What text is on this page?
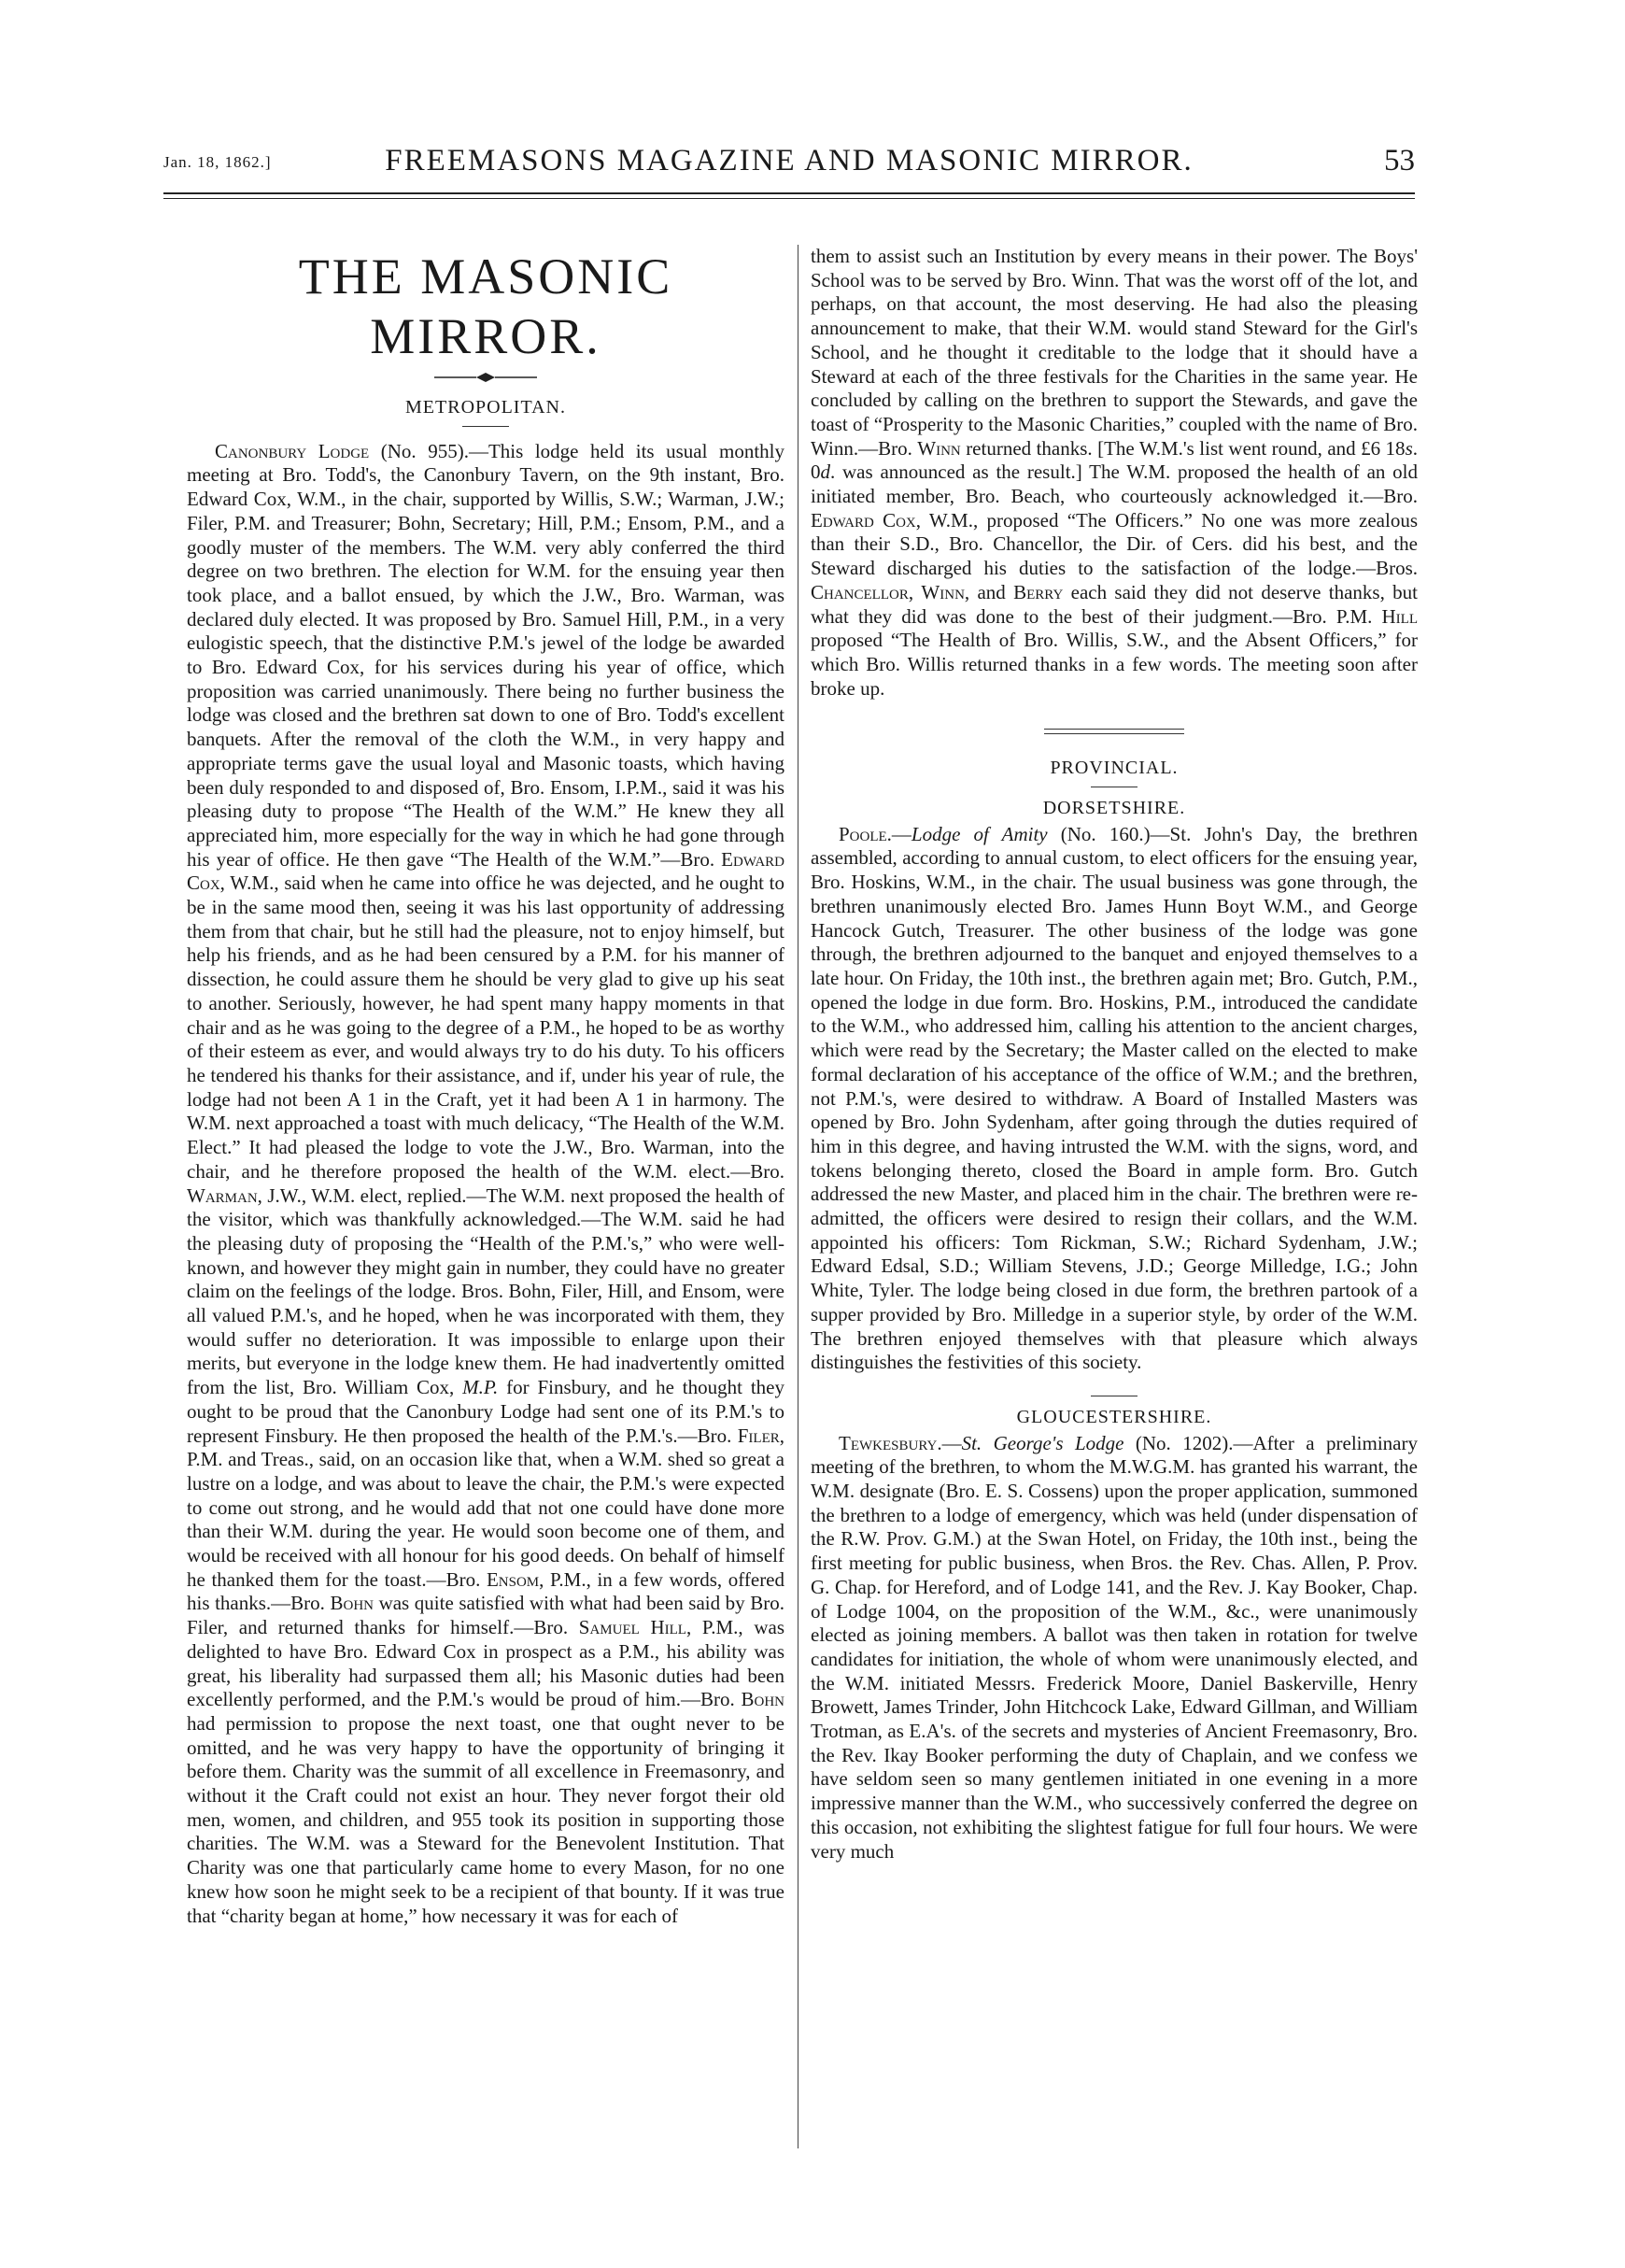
Jan. 18, 1862.]	FREEMASONS MAGAZINE AND MASONIC MIRROR.	53
THE MASONIC MIRROR.
METROPOLITAN.

Canonbury Lodge (No. 955).—This lodge held its usual monthly meeting at Bro. Todd's, the Canonbury Tavern, on the 9th instant, Bro. Edward Cox, W.M., in the chair, supported by Willis, S.W.; Warman, J.W.; Filer, P.M. and Treasurer; Bohn, Secretary; Hill, P.M.; Ensom, P.M., and a goodly muster of the members. The W.M. very ably conferred the third degree on two brethren. The election for W.M. for the ensuing year then took place, and a ballot ensued, by which the J.W., Bro. Warman, was declared duly elected. It was proposed by Bro. Samuel Hill, P.M., in a very eulogistic speech, that the distinctive P.M.'s jewel of the lodge be awarded to Bro. Edward Cox, for his services during his year of office, which proposition was carried unanimously. There being no further business the lodge was closed and the brethren sat down to one of Bro. Todd's excellent banquets. After the removal of the cloth the W.M., in very happy and appropriate terms gave the usual loyal and Masonic toasts, which having been duly responded to and disposed of, Bro. Ensom, I.P.M., said it was his pleasing duty to propose “The Health of the W.M.” He knew they all appreciated him, more especially for the way in which he had gone through his year of office. He then gave “The Health of the W.M.”—Bro. Edward Cox, W.M., said when he came into office he was dejected, and he ought to be in the same mood then, seeing it was his last opportunity of addressing them from that chair, but he still had the pleasure, not to enjoy himself, but help his friends, and as he had been censured by a P.M. for his manner of dissection, he could assure them he should be very glad to give up his seat to another. Seriously, however, he had spent many happy moments in that chair and as he was going to the degree of a P.M., he hoped to be as worthy of their esteem as ever, and would always try to do his duty. To his officers he tendered his thanks for their assistance, and if, under his year of rule, the lodge had not been A 1 in the Craft, yet it had been A 1 in harmony. The W.M. next approached a toast with much delicacy, “The Health of the W.M. Elect.” It had pleased the lodge to vote the J.W., Bro. Warman, into the chair, and he therefore proposed the health of the W.M. elect.—Bro. Warman, J.W., W.M. elect, replied.—The W.M. next proposed the health of the visitor, which was thankfully acknowledged.—The W.M. said he had the pleasing duty of proposing the “Health of the P.M.'s,” who were well-known, and however they might gain in number, they could have no greater claim on the feelings of the lodge. Bros. Bohn, Filer, Hill, and Ensom, were all valued P.M.'s, and he hoped, when he was incorporated with them, they would suffer no deterioration. It was impossible to enlarge upon their merits, but everyone in the lodge knew them. He had inadvertently omitted from the list, Bro. William Cox, M.P. for Finsbury, and he thought they ought to be proud that the Canonbury Lodge had sent one of its P.M.'s to represent Finsbury. He then proposed the health of the P.M.'s.—Bro. Filer, P.M. and Treas., said, on an occasion like that, when a W.M. shed so great a lustre on a lodge, and was about to leave the chair, the P.M.'s were expected to come out strong, and he would add that not one could have done more than their W.M. during the year. He would soon become one of them, and would be received with all honour for his good deeds. On behalf of himself he thanked them for the toast.—Bro. Ensom, P.M., in a few words, offered his thanks.—Bro. Bohn was quite satisfied with what had been said by Bro. Filer, and returned thanks for himself.—Bro. Samuel Hill, P.M., was delighted to have Bro. Edward Cox in prospect as a P.M., his ability was great, his liberality had surpassed them all; his Masonic duties had been excellently performed, and the P.M.'s would be proud of him.—Bro. Bohn had permission to propose the next toast, one that ought never to be omitted, and he was very happy to have the opportunity of bringing it before them. Charity was the summit of all excellence in Freemasonry, and without it the Craft could not exist an hour. They never forgot their old men, women, and children, and 955 took its position in supporting those charities. The W.M. was a Steward for the Benevolent Institution. That Charity was one that particularly came home to every Mason, for no one knew how soon he might seek to be a recipient of that bounty. If it was true that “charity began at home,” how necessary it was for each of

them to assist such an Institution by every means in their power. The Boys' School was to be served by Bro. Winn. That was the worst off of the lot, and perhaps, on that account, the most deserving. He had also the pleasing announcement to make, that their W.M. would stand Steward for the Girl's School, and he thought it creditable to the lodge that it should have a Steward at each of the three festivals for the Charities in the same year. He concluded by calling on the brethren to support the Stewards, and gave the toast of “Prosperity to the Masonic Charities,” coupled with the name of Bro. Winn.—Bro. Winn returned thanks. [The W.M.'s list went round, and £6 18s. 0d. was announced as the result.] The W.M. proposed the health of an old initiated member, Bro. Beach, who courteously acknowledged it.—Bro. Edward Cox, W.M., proposed “The Officers.” No one was more zealous than their S.D., Bro. Chancellor, the Dir. of Cers. did his best, and the Steward discharged his duties to the satisfaction of the lodge.—Bros. Chancellor, Winn, and Berry each said they did not deserve thanks, but what they did was done to the best of their judgment.—Bro. P.M. Hill proposed “The Health of Bro. Willis, S.W., and the Absent Officers,” for which Bro. Willis returned thanks in a few words. The meeting soon after broke up.

PROVINCIAL.
DORSETSHIRE.

Poole.—Lodge of Amity (No. 160.)—St. John's Day, the brethren assembled, according to annual custom, to elect officers for the ensuing year, Bro. Hoskins, W.M., in the chair. The usual business was gone through, the brethren unanimously elected Bro. James Hunn Boyt W.M., and George Hancock Gutch, Treasurer. The other business of the lodge was gone through, the brethren adjourned to the banquet and enjoyed themselves to a late hour. On Friday, the 10th inst., the brethren again met; Bro. Gutch, P.M., opened the lodge in due form. Bro. Hoskins, P.M., introduced the candidate to the W.M., who addressed him, calling his attention to the ancient charges, which were read by the Secretary; the Master called on the elected to make formal declaration of his acceptance of the office of W.M.; and the brethren, not P.M.'s, were desired to withdraw. A Board of Installed Masters was opened by Bro. John Sydenham, after going through the duties required of him in this degree, and having intrusted the W.M. with the signs, word, and tokens belonging thereto, closed the Board in ample form. Bro. Gutch addressed the new Master, and placed him in the chair. The brethren were re-admitted, the officers were desired to resign their collars, and the W.M. appointed his officers: Tom Rickman, S.W.; Richard Sydenham, J.W.; Edward Edsal, S.D.; William Stevens, J.D.; George Milledge, I.G.; John White, Tyler. The lodge being closed in due form, the brethren partook of a supper provided by Bro. Milledge in a superior style, by order of the W.M. The brethren enjoyed themselves with that pleasure which always distinguishes the festivities of this society.

GLOUCESTERSHIRE.

Tewkesbury.—St. George's Lodge (No. 1202).—After a preliminary meeting of the brethren, to whom the M.W.G.M. has granted his warrant, the W.M. designate (Bro. E. S. Cossens) upon the proper application, summoned the brethren to a lodge of emergency, which was held (under dispensation of the R.W. Prov. G.M.) at the Swan Hotel, on Friday, the 10th inst., being the first meeting for public business, when Bros. the Rev. Chas. Allen, P. Prov. G. Chap. for Hereford, and of Lodge 141, and the Rev. J. Kay Booker, Chap. of Lodge 1004, on the proposition of the W.M., &c., were unanimously elected as joining members. A ballot was then taken in rotation for twelve candidates for initiation, the whole of whom were unanimously elected, and the W.M. initiated Messrs. Frederick Moore, Daniel Baskerville, Henry Browett, James Trinder, John Hitchcock Lake, Edward Gillman, and William Trotman, as E.A's. of the secrets and mysteries of Ancient Freemasonry, Bro. the Rev. Ikay Booker performing the duty of Chaplain, and we confess we have seldom seen so many gentlemen initiated in one evening in a more impressive manner than the W.M., who successively conferred the degree on this occasion, not exhibiting the slightest fatigue for full four hours. We were very much
